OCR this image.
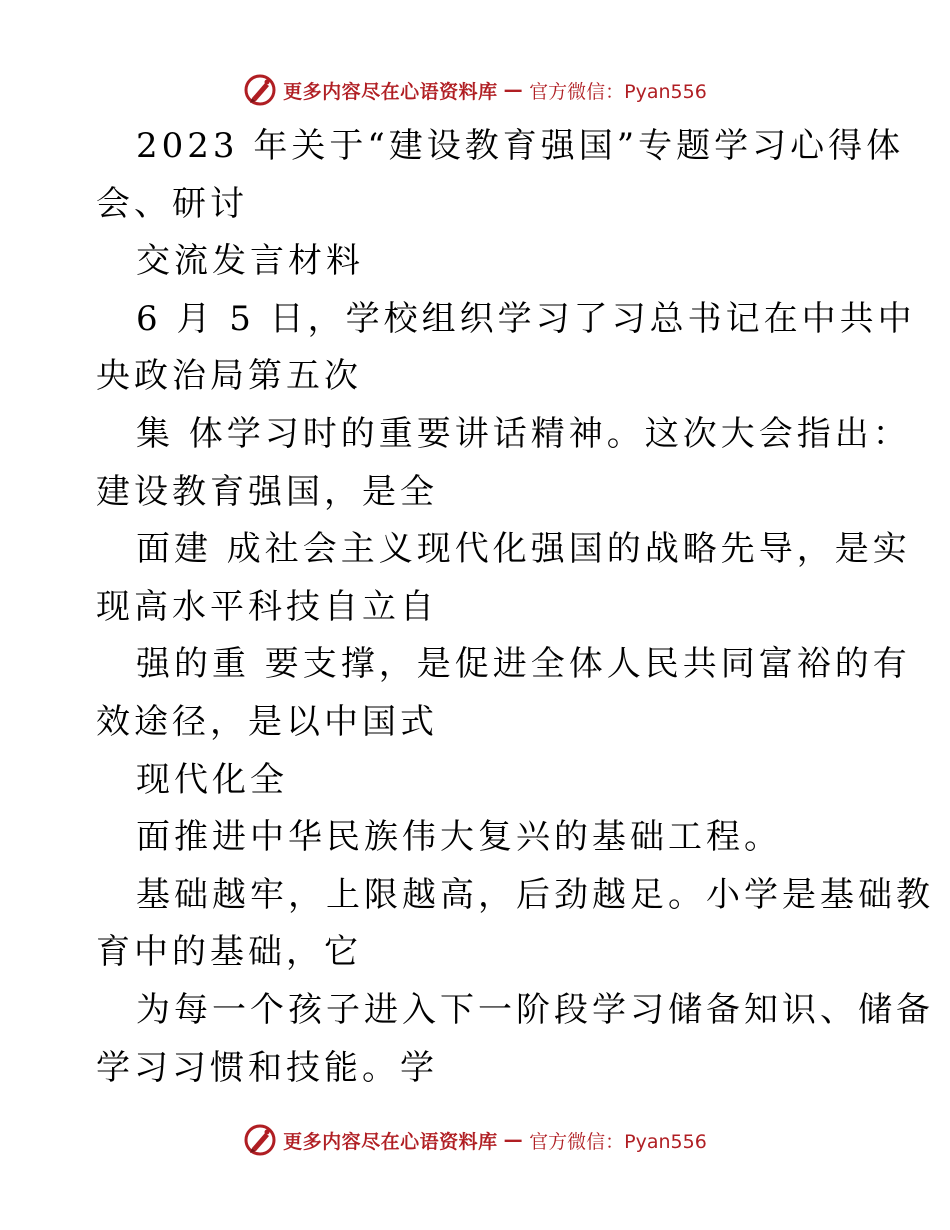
更多内容尽在心语资料库 — 官方微信：Pyan556
2023 年关于“建设教育强国”专题学习心得体
会、研讨
交流发言材料
6 月 5 日，学校组织学习了习总书记在中共中
央政治局第五次
集 体学习时的重要讲话精神。这次大会指出：
建设教育强国，是全
面建 成社会主义现代化强国的战略先导，是实
现高水平科技自立自
强的重 要支撑，是促进全体人民共同富裕的有
效途径，是以中国式
现代化全
面推进中华民族伟大复兴的基础工程。
基础越牢，上限越高，后劲越足。小学是基础教
育中的基础，它
为每一个孩子进入下一阶段学习储备知识、储备
学习习惯和技能。学
更多内容尽在心语资料库 — 官方微信：Pyan556
